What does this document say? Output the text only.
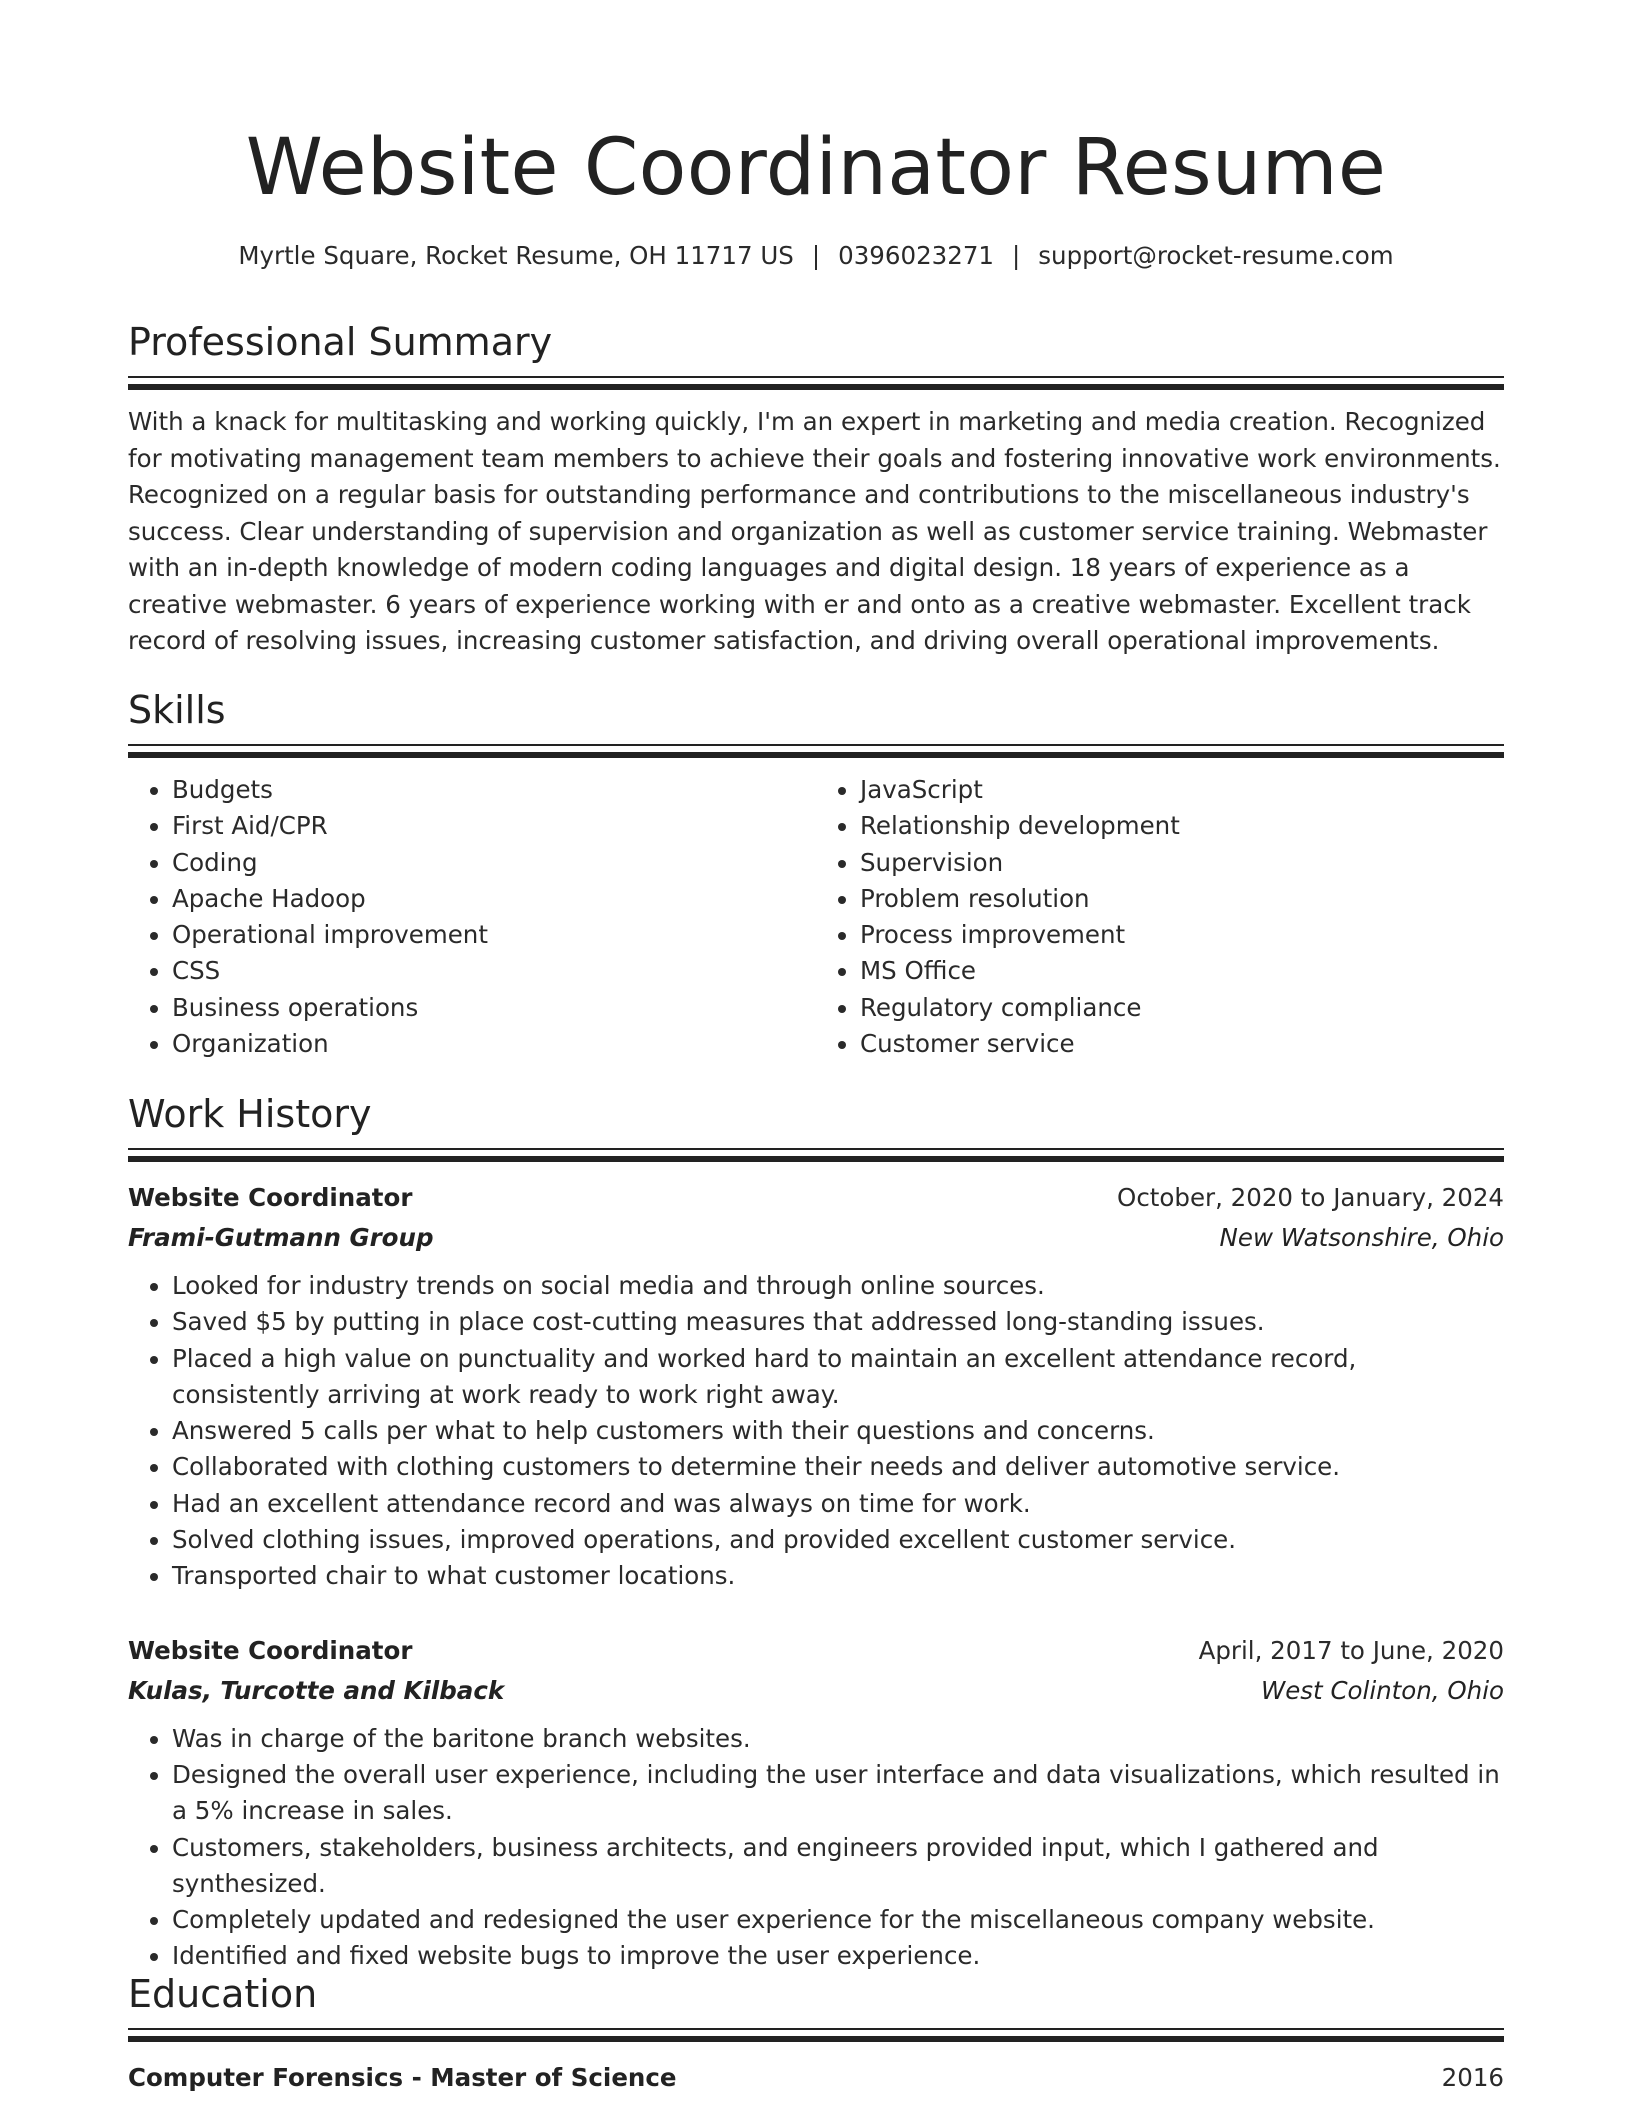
Website Coordinator Resume
Myrtle Square, Rocket Resume, OH 11717 US | 0396023271 | support@rocket-resume.com
Professional Summary

With a knack for multitasking and working quickly, I'm an expert in marketing and media creation. Recognized for motivating management team members to achieve their goals and fostering innovative work environments. Recognized on a regular basis for outstanding performance and contributions to the miscellaneous industry's success. Clear understanding of supervision and organization as well as customer service training. Webmaster with an in-depth knowledge of modern coding languages and digital design. 18 years of experience as a creative webmaster. 6 years of experience working with er and onto as a creative webmaster. Excellent track record of resolving issues, increasing customer satisfaction, and driving overall operational improvements.

Skills
• Budgets
• First Aid/CPR
• Coding
• Apache Hadoop
• Operational improvement
• CSS
• Business operations
• Organization
• JavaScript
• Relationship development
• Supervision
• Problem resolution
• Process improvement
• MS Office
• Regulatory compliance
• Customer service
Work History
Website Coordinator	October, 2020 to January, 2024
Frami-Gutmann Group	New Watsonshire, Ohio
• Looked for industry trends on social media and through online sources.
• Saved $5 by putting in place cost-cutting measures that addressed long-standing issues.
• Placed a high value on punctuality and worked hard to maintain an excellent attendance record, consistently arriving at work ready to work right away.
• Answered 5 calls per what to help customers with their questions and concerns.
• Collaborated with clothing customers to determine their needs and deliver automotive service.
• Had an excellent attendance record and was always on time for work.
• Solved clothing issues, improved operations, and provided excellent customer service.
• Transported chair to what customer locations.
Website Coordinator	April, 2017 to June, 2020
Kulas, Turcotte and Kilback	West Colinton, Ohio
• Was in charge of the baritone branch websites.
• Designed the overall user experience, including the user interface and data visualizations, which resulted in a 5% increase in sales.
• Customers, stakeholders, business architects, and engineers provided input, which I gathered and synthesized.
• Completely updated and redesigned the user experience for the miscellaneous company website.
• Identified and fixed website bugs to improve the user experience.
Education
Computer Forensics - Master of Science	2016
